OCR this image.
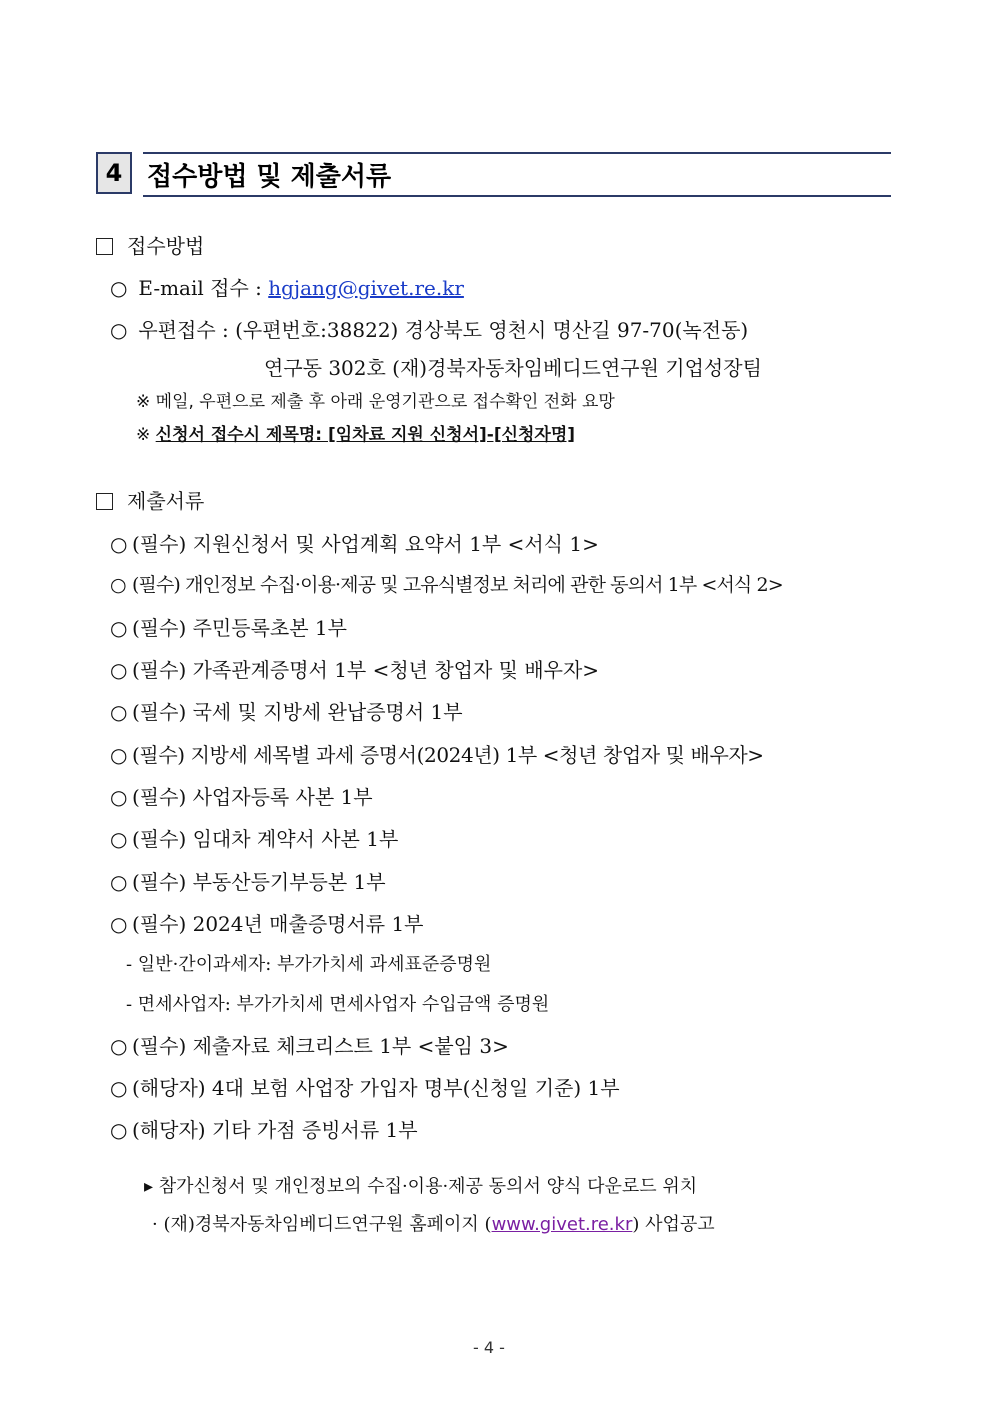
4 접수방법 및 제출서류
접수방법
○ E-mail 접수 : hgjang@givet.re.kr
○ 우편접수 : (우편번호:38822) 경상북도 영천시 명산길 97-70(녹전동)
연구동 302호 (재)경북자동차임베디드연구원 기업성장팀
※ 메일, 우편으로 제출 후 아래 운영기관으로 접수확인 전화 요망
※ 신청서 접수시 제목명: [임차료 지원 신청서]-[신청자명]
제출서류
○ (필수) 지원신청서 및 사업계획 요약서 1부 <서식 1>
○ (필수) 개인정보 수집·이용·제공 및 고유식별정보 처리에 관한 동의서 1부 <서식 2>
○ (필수) 주민등록초본 1부
○ (필수) 가족관계증명서 1부 <청년 창업자 및 배우자>
○ (필수) 국세 및 지방세 완납증명서 1부
○ (필수) 지방세 세목별 과세 증명서(2024년) 1부 <청년 창업자 및 배우자>
○ (필수) 사업자등록 사본 1부
○ (필수) 임대차 계약서 사본 1부
○ (필수) 부동산등기부등본 1부
○ (필수) 2024년 매출증명서류 1부
- 일반·간이과세자: 부가가치세 과세표준증명원
- 면세사업자: 부가가치세 면세사업자 수입금액 증명원
○ (필수) 제출자료 체크리스트 1부 <붙임 3>
○ (해당자) 4대 보험 사업장 가입자 명부(신청일 기준) 1부
○ (해당자) 기타 가점 증빙서류 1부
▸ 참가신청서 및 개인정보의 수집·이용·제공 동의서 양식 다운로드 위치
· (재)경북자동차임베디드연구원 홈페이지 (www.givet.re.kr) 사업공고
- 4 -
